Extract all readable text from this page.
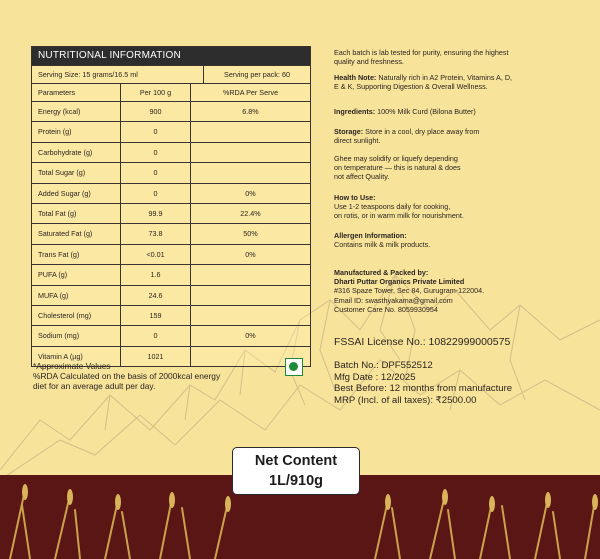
NUTRITIONAL INFORMATION
Serving Size: 15 grams/16.5 ml	Serving per pack: 60
Parameters	Per 100 g	%RDA Per Serve
Energy (kcal)	900	6.8%
Protein (g)	0
Carbohydrate (g)	0
Total Sugar (g)	0
Added Sugar (g)	0	0%
Total Fat (g)	99.9	22.4%
Saturated Fat (g)	73.8	50%
Trans Fat (g)	<0.01	0%
PUFA (g)	1.6
MUFA (g)	24.6
Cholesterol (mg)	159
Sodium (mg)	0	0%
Vitamin A (µg)	1021
*Approximate Values
%RDA Calculated on the basis of 2000kcal energy
diet for an average adult per day.

Each batch is lab tested for purity, ensuring the highest
quality and freshness.

Health Note: Naturally rich in A2 Protein, Vitamins A, D,
E & K, Supporting Digestion & Overall Wellness.

Ingredients: 100% Milk Curd (Bilona Butter)

Storage: Store in a cool, dry place away from
direct sunlight.

Ghee may solidify or liquefy depending
on temperature — this is natural & does
not affect Quality.

How to Use:
Use 1-2 teaspoons daily for cooking,
on rotis, or in warm milk for nourishment.

Allergen Information:
Contains milk & milk products.

Manufactured & Packed by:
Dharti Puttar Organics Private Limited
#316 Spaze Tower, Sec 84, Gurugram-122004.
Email ID: swasthyakama@gmail.com
Customer Care No. 8059930954

FSSAI License No.: 10822999000575
Batch No.: DPF552512
Mfg Date : 12/2025
Best Before: 12 months from manufacture
MRP (Incl. of all taxes): ₹2500.00
Net Content
1L/910g
